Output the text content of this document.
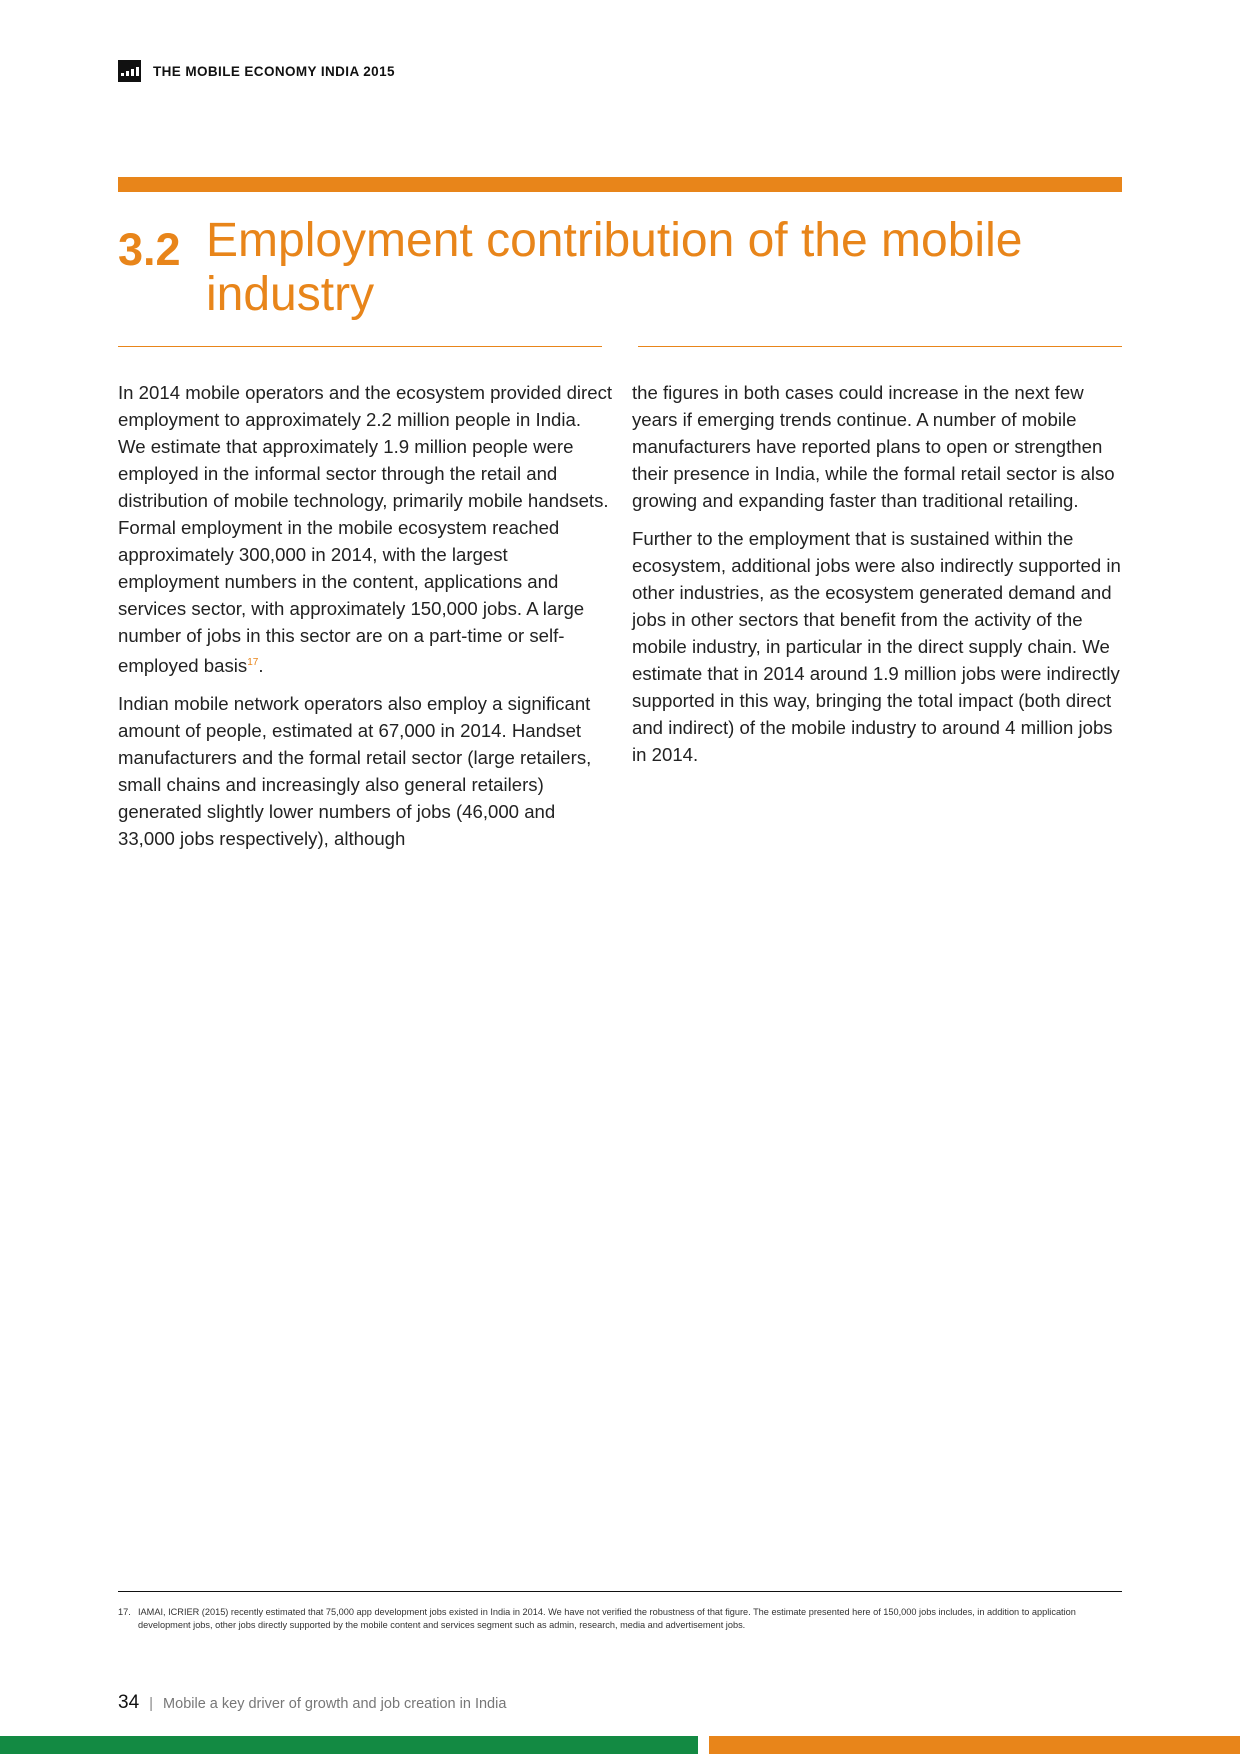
THE MOBILE ECONOMY INDIA 2015
3.2 Employment contribution of the mobile industry

In 2014 mobile operators and the ecosystem provided direct employment to approximately 2.2 million people in India. We estimate that approximately 1.9 million people were employed in the informal sector through the retail and distribution of mobile technology, primarily mobile handsets. Formal employment in the mobile ecosystem reached approximately 300,000 in 2014, with the largest employment numbers in the content, applications and services sector, with approximately 150,000 jobs. A large number of jobs in this sector are on a part-time or self-employed basis$^{17}$.

Indian mobile network operators also employ a significant amount of people, estimated at 67,000 in 2014. Handset manufacturers and the formal retail sector (large retailers, small chains and increasingly also general retailers) generated slightly lower numbers of jobs (46,000 and 33,000 jobs respectively), although

the figures in both cases could increase in the next few years if emerging trends continue. A number of mobile manufacturers have reported plans to open or strengthen their presence in India, while the formal retail sector is also growing and expanding faster than traditional retailing.

Further to the employment that is sustained within the ecosystem, additional jobs were also indirectly supported in other industries, as the ecosystem generated demand and jobs in other sectors that benefit from the activity of the mobile industry, in particular in the direct supply chain. We estimate that in 2014 around 1.9 million jobs were indirectly supported in this way, bringing the total impact (both direct and indirect) of the mobile industry to around 4 million jobs in 2014.

17. IAMAI, ICRIER (2015) recently estimated that 75,000 app development jobs existed in India in 2014. We have not verified the robustness of that figure. The estimate presented here of 150,000 jobs includes, in addition to application development jobs, other jobs directly supported by the mobile content and services segment such as admin, research, media and advertisement jobs.
34 | Mobile a key driver of growth and job creation in India
